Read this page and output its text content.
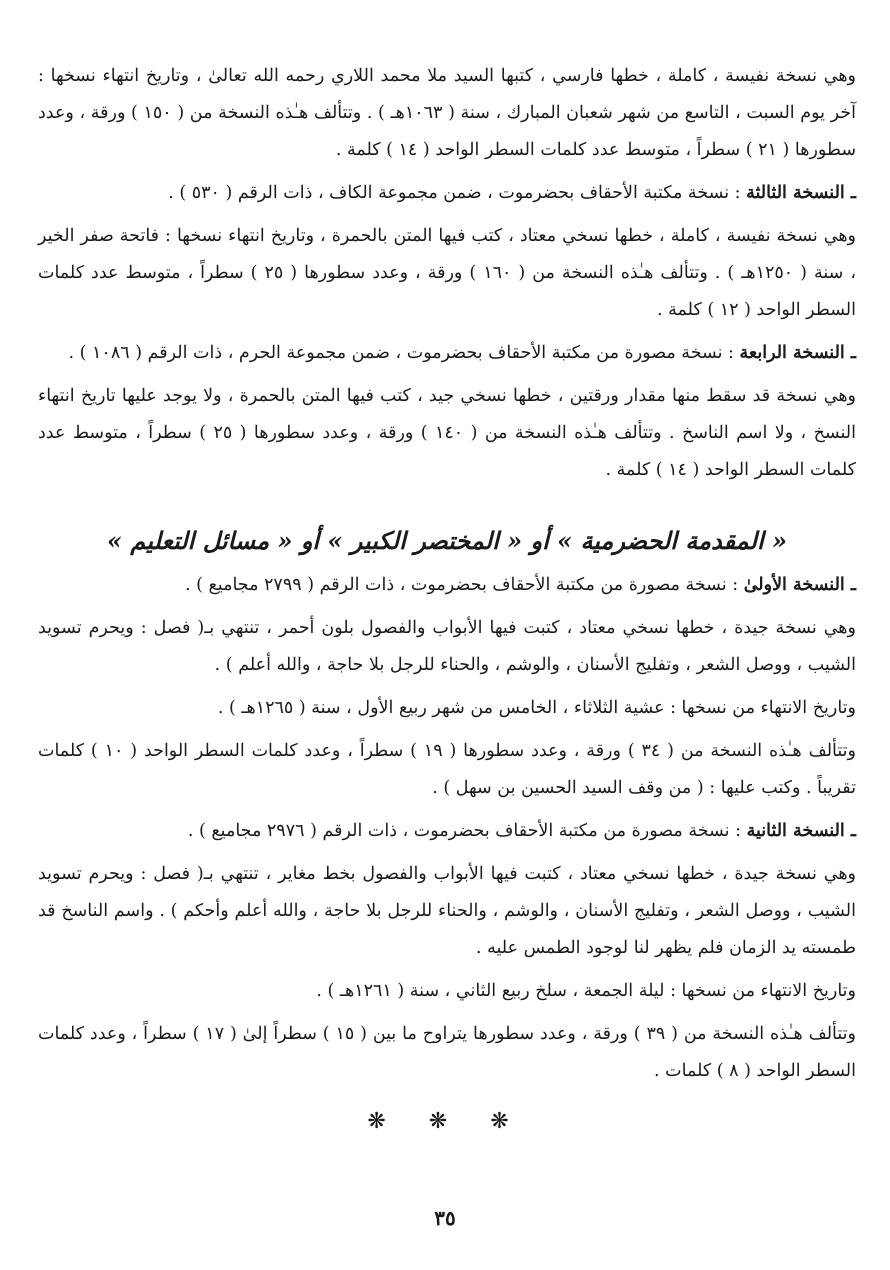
وهي نسخة نفيسة ، كاملة ، خطها فارسي ، كتبها السيد ملا محمد اللاري رحمه الله تعالىٰ ، وتاريخ انتهاء نسخها : آخر يوم السبت ، التاسع من شهر شعبان المبارك ، سنة ( ١٠٦٣هـ ) . وتتألف هـٰذه النسخة من ( ١٥٠ ) ورقة ، وعدد سطورها ( ٢١ ) سطراً ، متوسط عدد كلمات السطر الواحد ( ١٤ ) كلمة .
ـ النسخة الثالثة : نسخة مكتبة الأحقاف بحضرموت ، ضمن مجموعة الكاف ، ذات الرقم ( ٥٣٠ ) .
وهي نسخة نفيسة ، كاملة ، خطها نسخي معتاد ، كتب فيها المتن بالحمرة ، وتاريخ انتهاء نسخها : فاتحة صفر الخير ، سنة ( ١٢٥٠هـ ) . وتتألف هـٰذه النسخة من ( ١٦٠ ) ورقة ، وعدد سطورها ( ٢٥ ) سطراً ، متوسط عدد كلمات السطر الواحد ( ١٢ ) كلمة .
ـ النسخة الرابعة : نسخة مصورة من مكتبة الأحقاف بحضرموت ، ضمن مجموعة الحرم ، ذات الرقم ( ١٠٨٦ ) .
وهي نسخة قد سقط منها مقدار ورقتين ، خطها نسخي جيد ، كتب فيها المتن بالحمرة ، ولا يوجد عليها تاريخ انتهاء النسخ ، ولا اسم الناسخ . وتتألف هـٰذه النسخة من ( ١٤٠ ) ورقة ، وعدد سطورها ( ٢٥ ) سطراً ، متوسط عدد كلمات السطر الواحد ( ١٤ ) كلمة .
« المقدمة الحضرمية » أو « المختصر الكبير » أو « مسائل التعليم »
ـ النسخة الأولىٰ : نسخة مصورة من مكتبة الأحقاف بحضرموت ، ذات الرقم ( ٢٧٩٩ مجاميع ) .
وهي نسخة جيدة ، خطها نسخي معتاد ، كتبت فيها الأبواب والفصول بلون أحمر ، تنتهي بـ( فصل : ويحرم تسويد الشيب ، ووصل الشعر ، وتفليج الأسنان ، والوشم ، والحناء للرجل بلا حاجة ، والله أعلم ) .
وتاريخ الانتهاء من نسخها : عشية الثلاثاء ، الخامس من شهر ربيع الأول ، سنة ( ١٢٦٥هـ ) .
وتتألف هـٰذه النسخة من ( ٣٤ ) ورقة ، وعدد سطورها ( ١٩ ) سطراً ، وعدد كلمات السطر الواحد ( ١٠ ) كلمات تقريباً . وكتب عليها : ( من وقف السيد الحسين بن سهل ) .
ـ النسخة الثانية : نسخة مصورة من مكتبة الأحقاف بحضرموت ، ذات الرقم ( ٢٩٧٦ مجاميع ) .
وهي نسخة جيدة ، خطها نسخي معتاد ، كتبت فيها الأبواب والفصول بخط مغاير ، تنتهي بـ( فصل : ويحرم تسويد الشيب ، ووصل الشعر ، وتفليج الأسنان ، والوشم ، والحناء للرجل بلا حاجة ، والله أعلم وأحكم ) . واسم الناسخ قد طمسته يد الزمان فلم يظهر لنا لوجود الطمس عليه .
وتاريخ الانتهاء من نسخها : ليلة الجمعة ، سلخ ربيع الثاني ، سنة ( ١٢٦١هـ ) .
وتتألف هـٰذه النسخة من ( ٣٩ ) ورقة ، وعدد سطورها يتراوح ما بين ( ١٥ ) سطراً إلىٰ ( ١٧ ) سطراً ، وعدد كلمات السطر الواحد ( ٨ ) كلمات .
❋ ❋ ❋
٣٥
